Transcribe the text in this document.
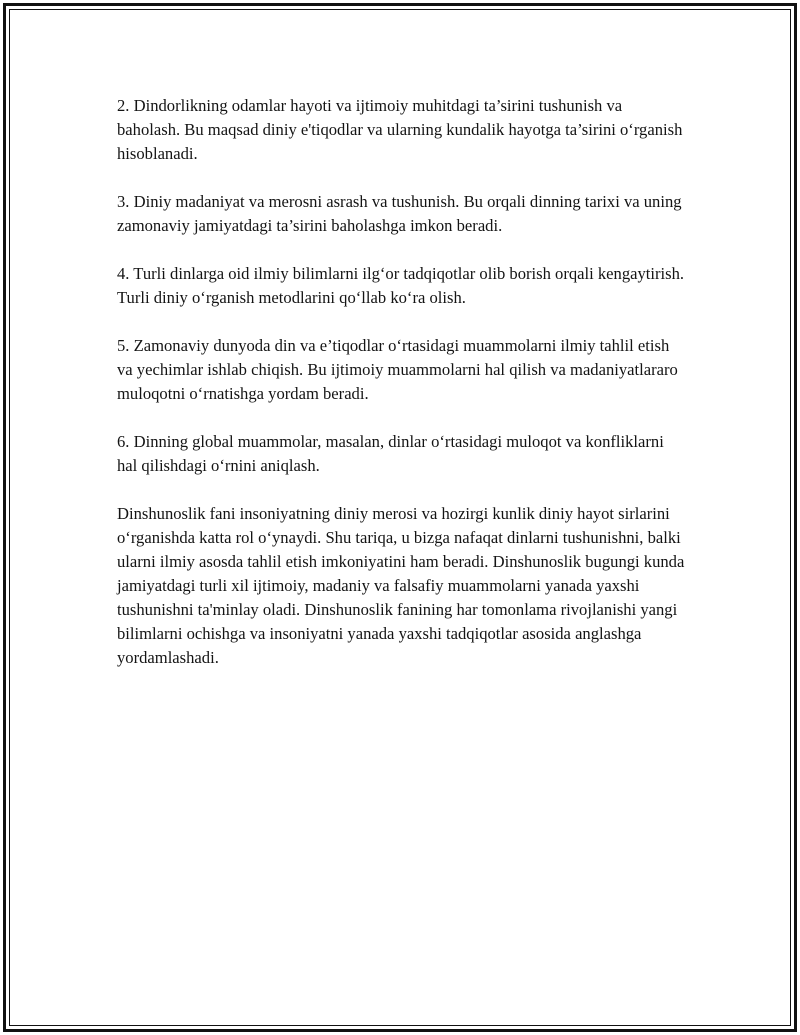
2. Dindorlikning odamlar hayoti va ijtimoiy muhitdagi ta’sirini tushunish va baholash. Bu maqsad diniy e'tiqodlar va ularning kundalik hayotga ta’sirini o‘rganish hisoblanadi.

3. Diniy madaniyat va merosni asrash va tushunish. Bu orqali dinning tarixi va uning zamonaviy jamiyatdagi ta’sirini baholashga imkon beradi.

4. Turli dinlarga oid ilmiy bilimlarni ilg‘or tadqiqotlar olib borish orqali kengaytirish. Turli diniy o‘rganish metodlarini qo‘llab ko‘ra olish.

5. Zamonaviy dunyoda din va e’tiqodlar o‘rtasidagi muammolarni ilmiy tahlil etish va yechimlar ishlab chiqish. Bu ijtimoiy muammolarni hal qilish va madaniyatlararo muloqotni o‘rnatishga yordam beradi.

6. Dinning global muammolar, masalan, dinlar o‘rtasidagi muloqot va konfliklarni hal qilishdagi o‘rnini aniqlash.

Dinshunoslik fani insoniyatning diniy merosi va hozirgi kunlik diniy hayot sirlarini o‘rganishda katta rol o‘ynaydi. Shu tariqa, u bizga nafaqat dinlarni tushunishni, balki ularni ilmiy asosda tahlil etish imkoniyatini ham beradi. Dinshunoslik bugungi kunda jamiyatdagi turli xil ijtimoiy, madaniy va falsafiy muammolarni yanada yaxshi tushunishni ta'minlay oladi. Dinshunoslik fanining har tomonlama rivojlanishi yangi bilimlarni ochishga va insoniyatni yanada yaxshi tadqiqotlar asosida anglashga yordamlashadi.
